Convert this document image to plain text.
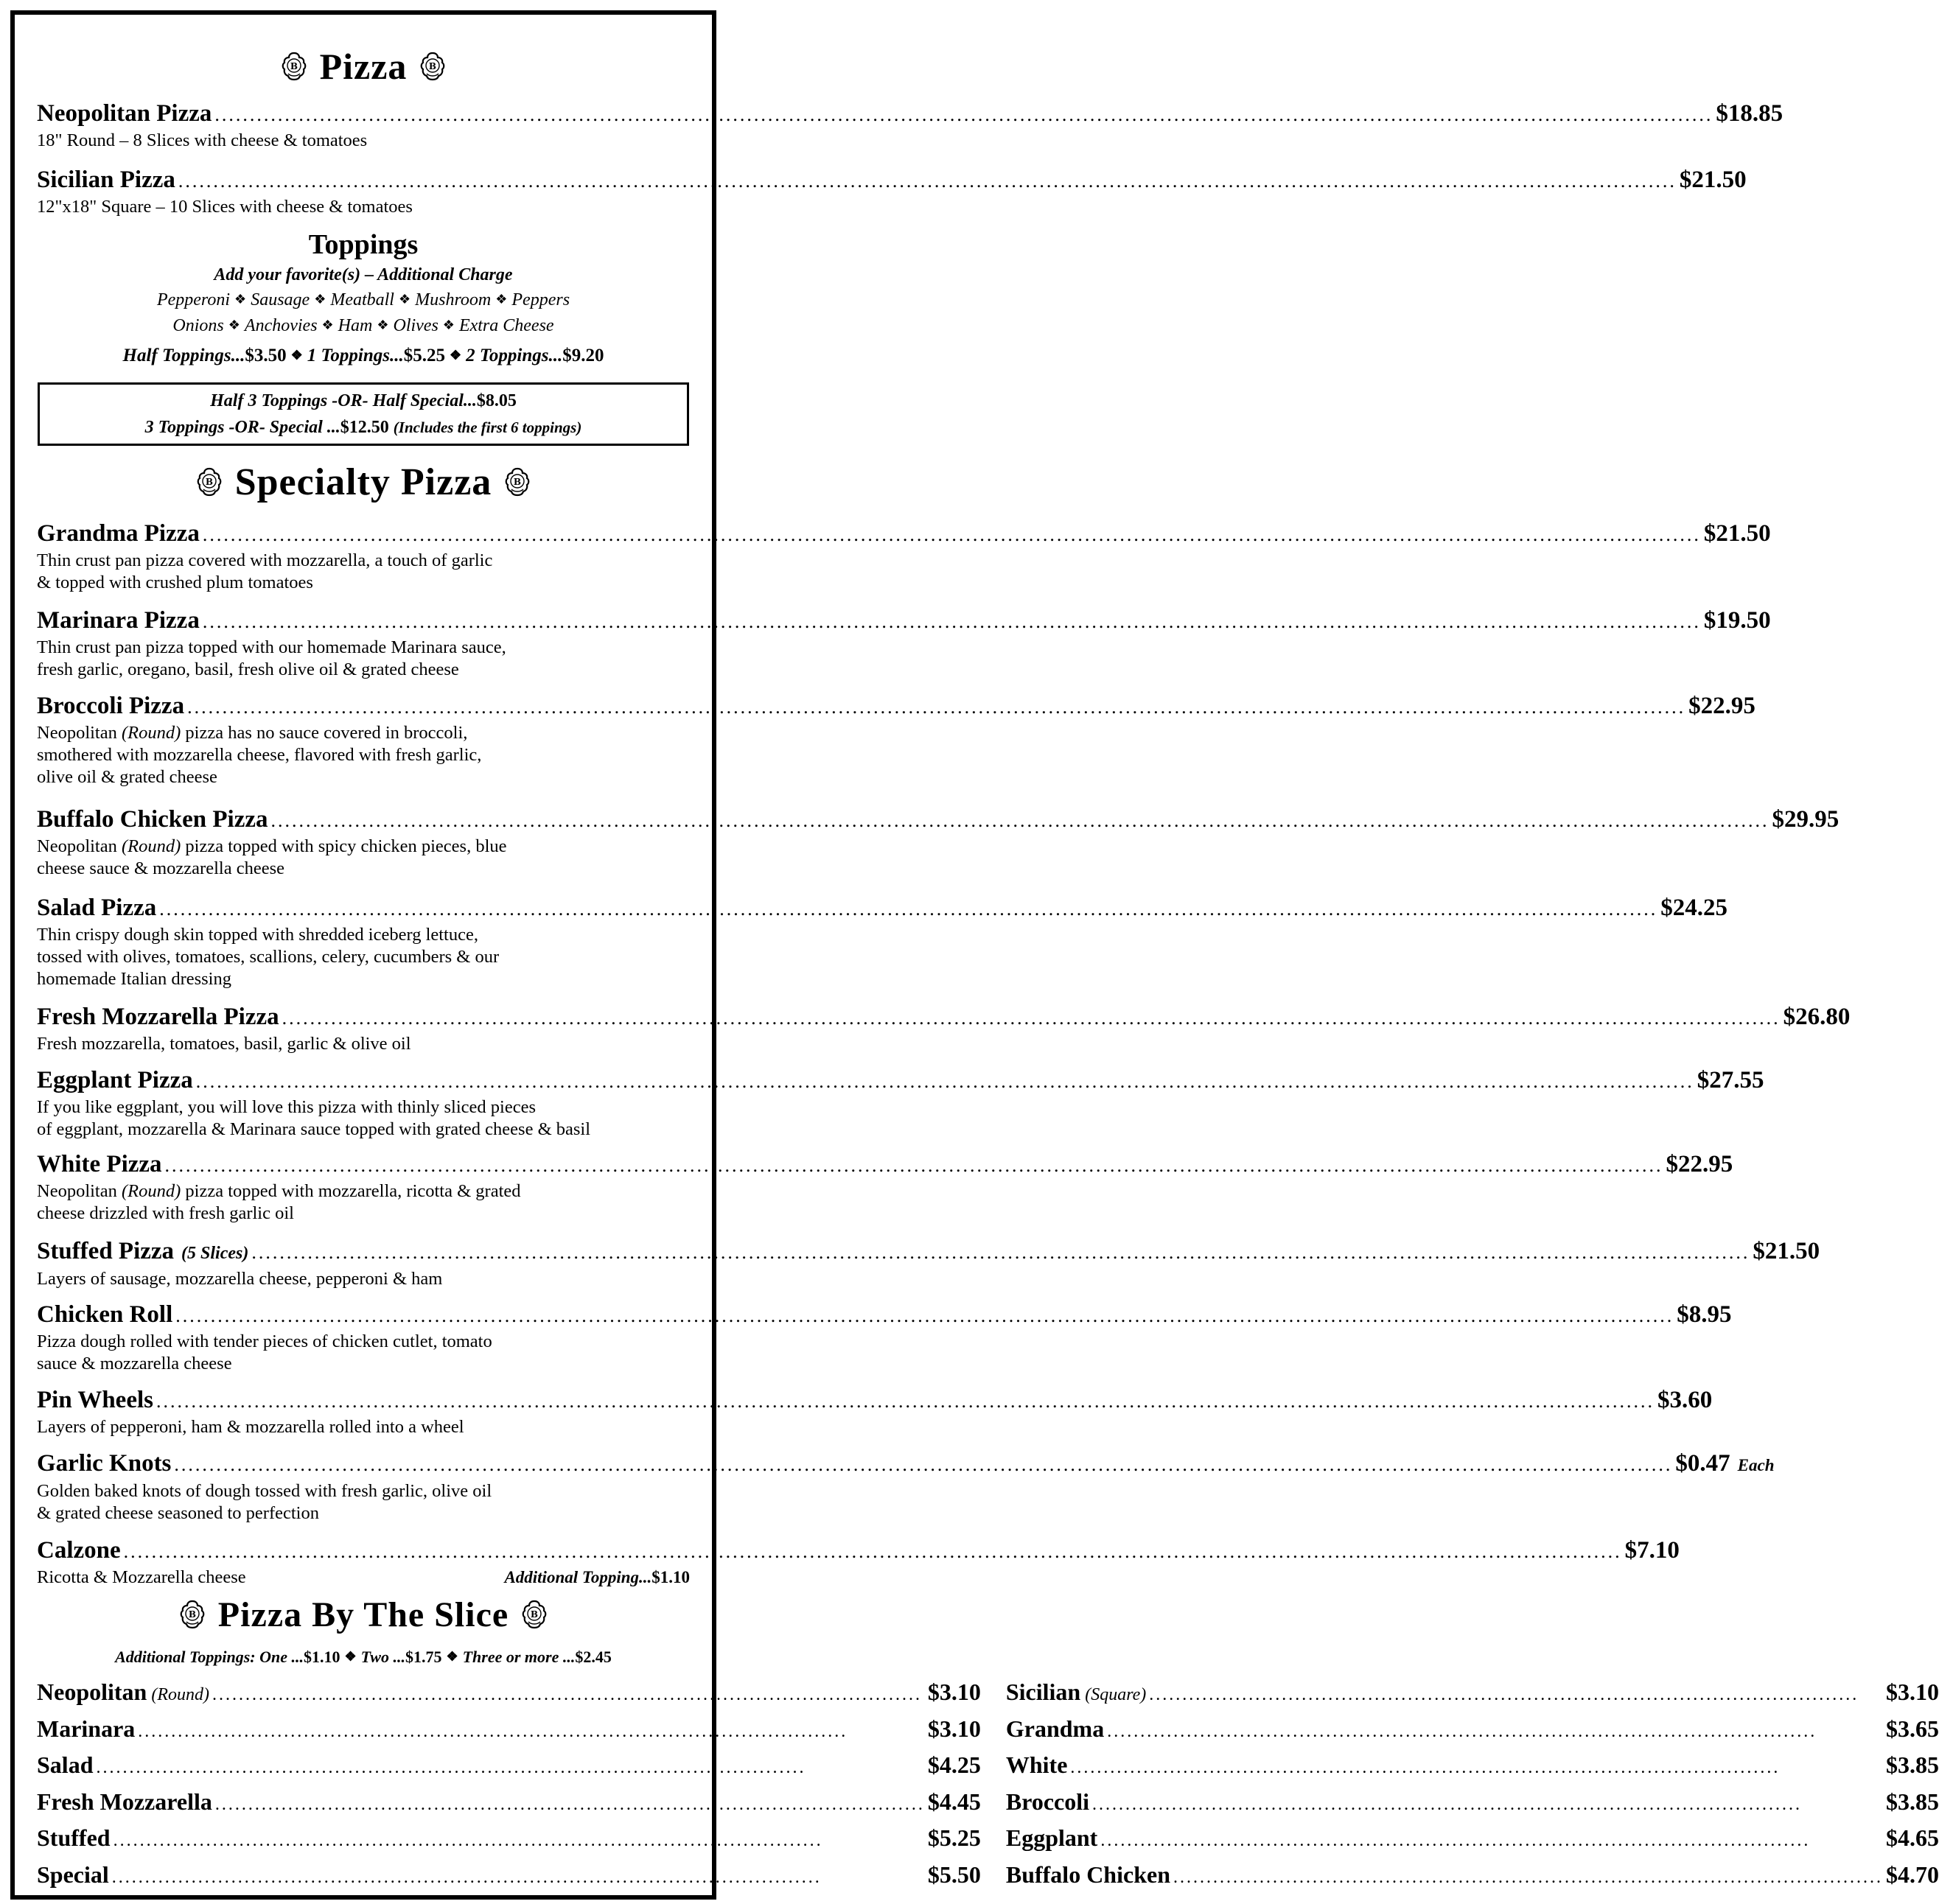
B Pizza B
Neopolitan Pizza .....	$18.85
18" Round – 8 Slices with cheese & tomatoes
Sicilian Pizza .....	$21.50
12"x18" Square – 10 Slices with cheese & tomatoes
Toppings
Add your favorite(s) – Additional Charge
Pepperoni ❖ Sausage ❖ Meatball ❖ Mushroom ❖ Peppers
Onions ❖ Anchovies ❖ Ham ❖ Olives ❖ Extra Cheese
Half Toppings...$3.50 ❖ 1 Toppings...$5.25 ❖ 2 Toppings...$9.20
Half 3 Toppings -OR- Half Special...$8.05
3 Toppings -OR- Special ...$12.50 (Includes the first 6 toppings)
B Specialty Pizza B
Grandma Pizza .....	$21.50
Thin crust pan pizza covered with mozzarella, a touch of garlic
& topped with crushed plum tomatoes
Marinara Pizza .....	$19.50
Thin crust pan pizza topped with our homemade Marinara sauce,
fresh garlic, oregano, basil, fresh olive oil & grated cheese
Broccoli Pizza .....	$22.95
Neopolitan (Round) pizza has no sauce covered in broccoli,
smothered with mozzarella cheese, flavored with fresh garlic,
olive oil & grated cheese
Buffalo Chicken Pizza .....	$29.95
Neopolitan (Round) pizza topped with spicy chicken pieces, blue
cheese sauce & mozzarella cheese
Salad Pizza .....	$24.25
Thin crispy dough skin topped with shredded iceberg lettuce,
tossed with olives, tomatoes, scallions, celery, cucumbers & our
homemade Italian dressing
Fresh Mozzarella Pizza .....	$26.80
Fresh mozzarella, tomatoes, basil, garlic & olive oil
Eggplant Pizza .....	$27.55
If you like eggplant, you will love this pizza with thinly sliced pieces
of eggplant, mozzarella & Marinara sauce topped with grated cheese & basil
White Pizza .....	$22.95
Neopolitan (Round) pizza topped with mozzarella, ricotta & grated
cheese drizzled with fresh garlic oil
Stuffed Pizza (5 Slices) .....	$21.50
Layers of sausage, mozzarella cheese, pepperoni & ham
Chicken Roll .....	$8.95
Pizza dough rolled with tender pieces of chicken cutlet, tomato
sauce & mozzarella cheese
Pin Wheels .....	$3.60
Layers of pepperoni, ham & mozzarella rolled into a wheel
Garlic Knots .....	$0.47 Each
Golden baked knots of dough tossed with fresh garlic, olive oil
& grated cheese seasoned to perfection
Calzone .....	$7.10
Ricotta & Mozzarella cheese	Additional Topping...$1.10
B Pizza By The Slice B
Additional Toppings: One ...$1.10 ❖ Two ...$1.75 ❖ Three or more ...$2.45
Neopolitan (Round) .....	$3.10
Marinara .....	$3.10
Salad .....	$4.25
Fresh Mozzarella .....	$4.45
Stuffed .....	$5.25
Special .....	$5.50
Sicilian (Square) .....	$3.10
Grandma .....	$3.65
White .....	$3.85
Broccoli .....	$3.85
Eggplant .....	$4.65
Buffalo Chicken .....	$4.70
